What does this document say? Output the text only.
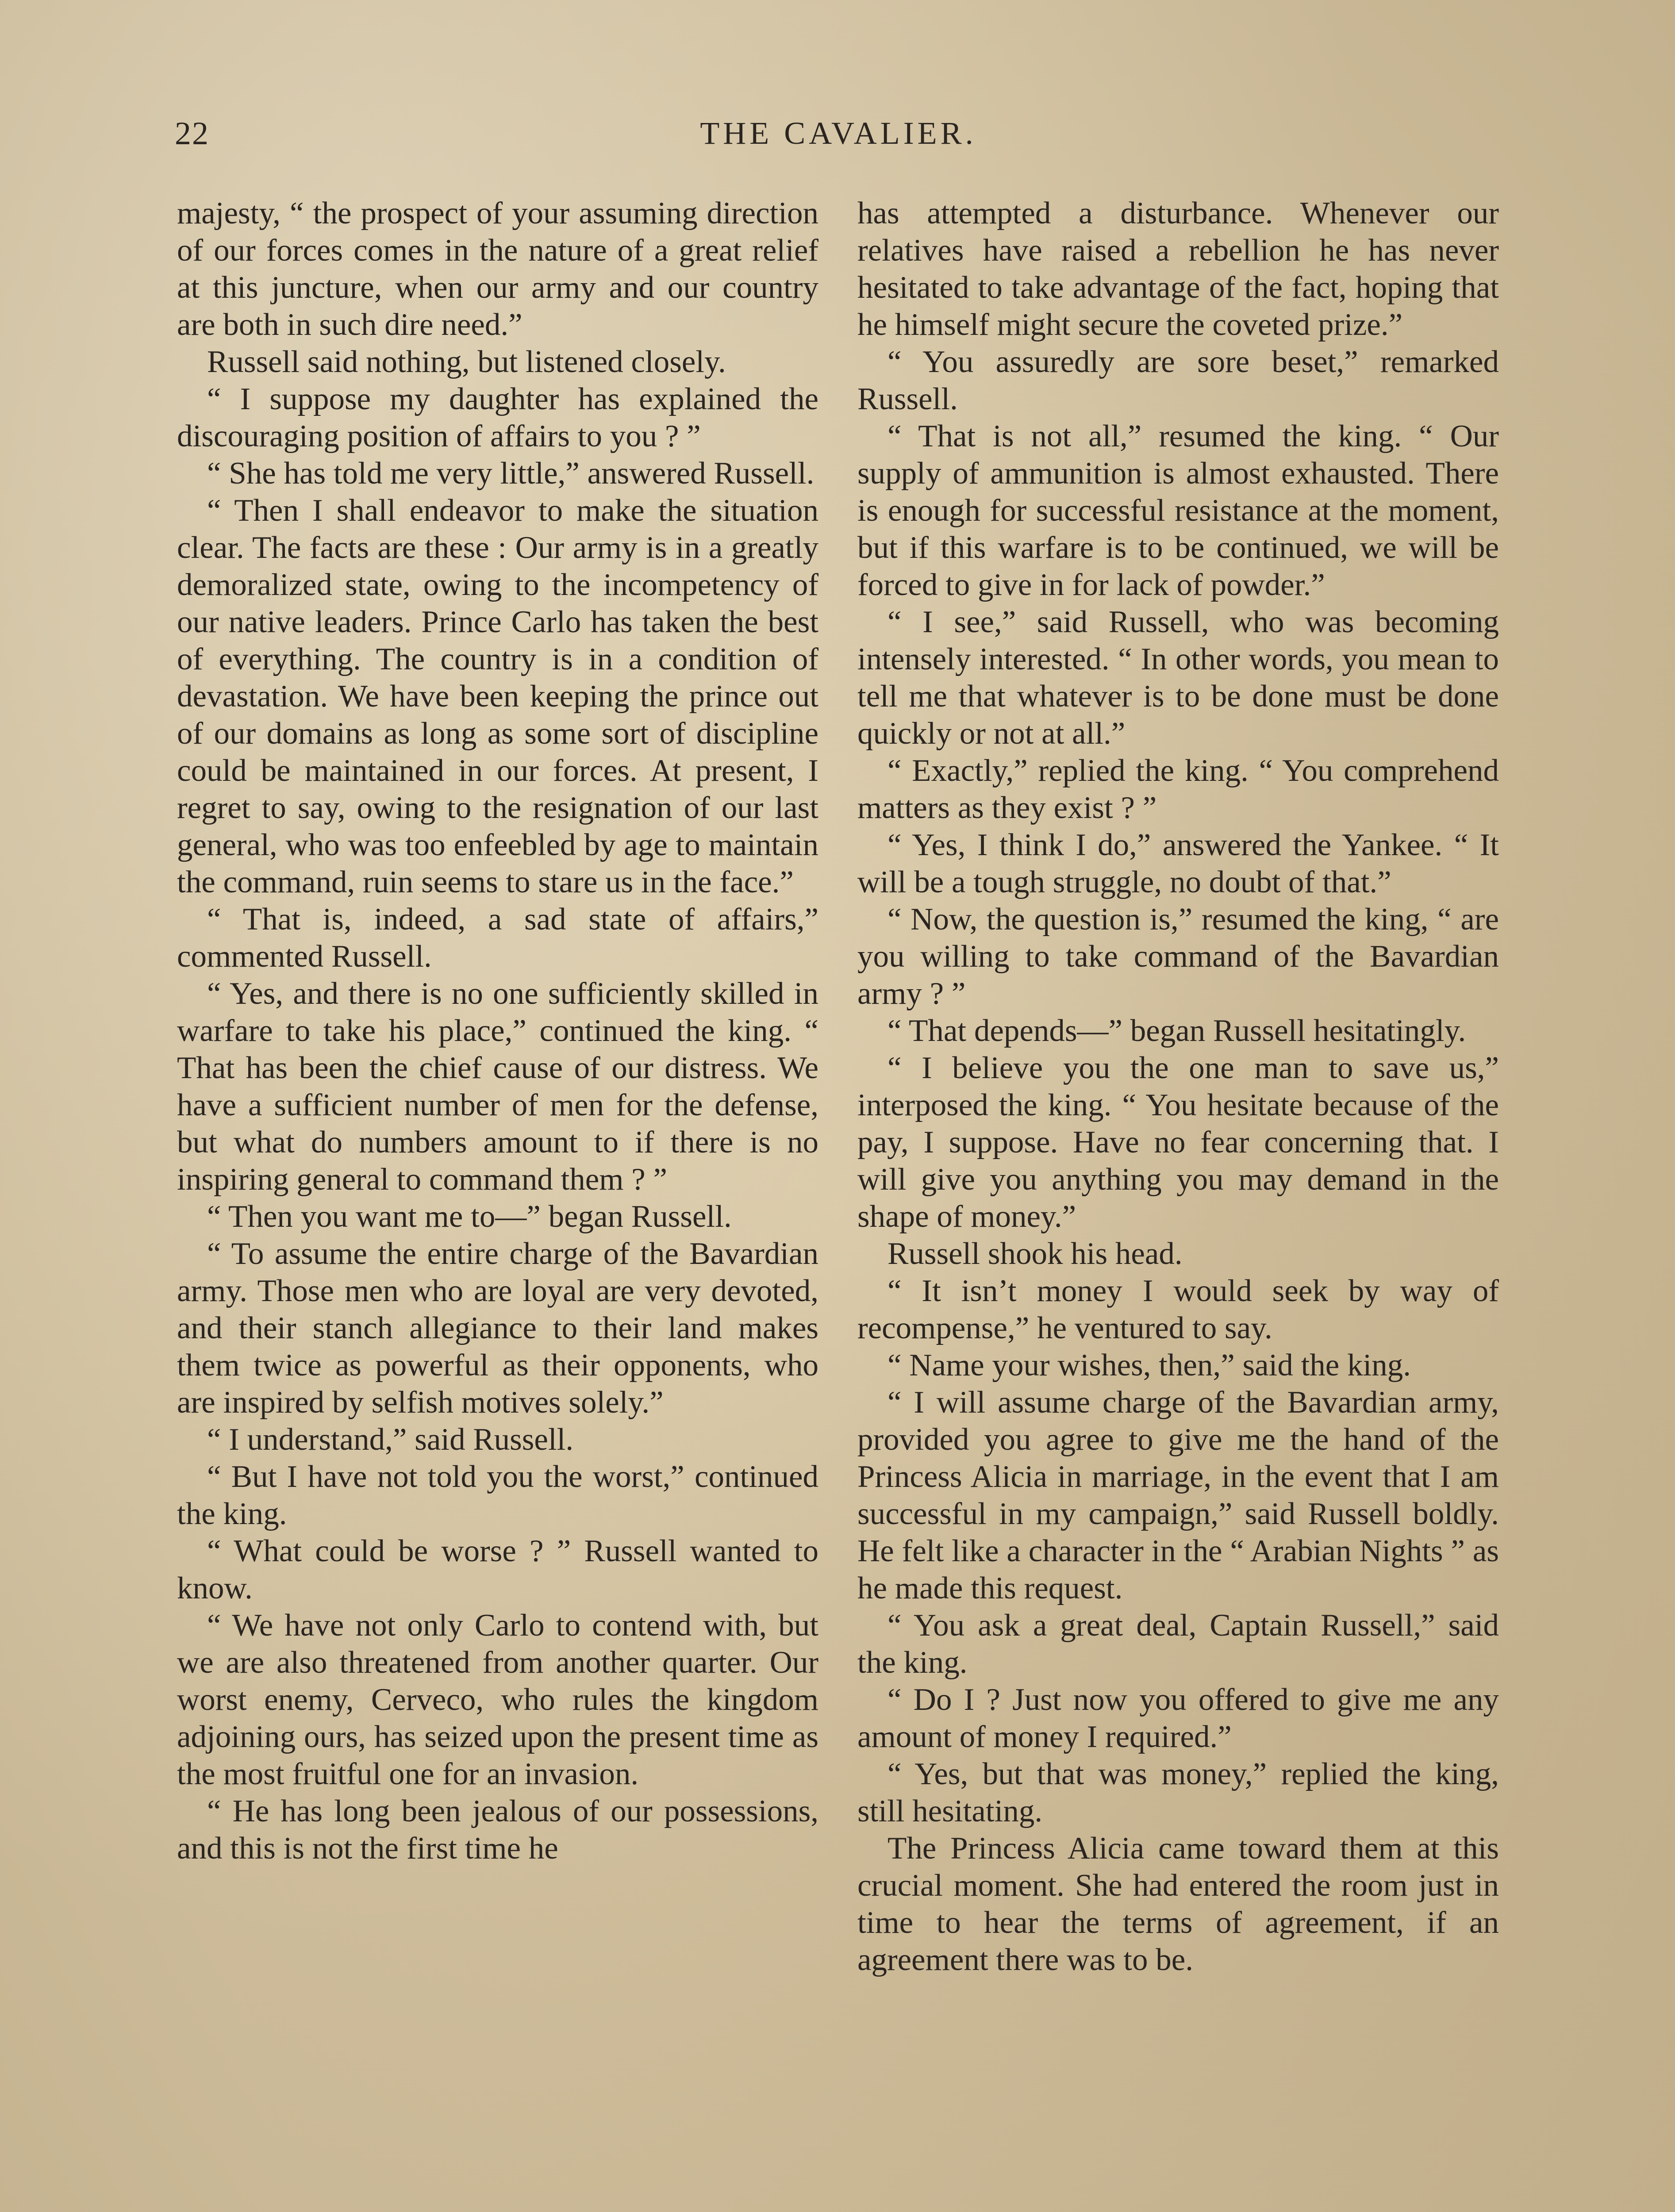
22	THE CAVALIER.

majesty, “ the prospect of your assuming direction of our forces comes in the nature of a great relief at this juncture, when our army and our country are both in such dire need.”

Russell said nothing, but listened closely.

“ I suppose my daughter has explained the discouraging position of affairs to you ? ”

“ She has told me very little,” answered Russell.

“ Then I shall endeavor to make the situation clear. The facts are these : Our army is in a greatly demoralized state, owing to the incompetency of our native leaders. Prince Carlo has taken the best of everything. The country is in a condition of devastation. We have been keeping the prince out of our domains as long as some sort of discipline could be maintained in our forces. At present, I regret to say, owing to the resignation of our last general, who was too enfeebled by age to maintain the command, ruin seems to stare us in the face.”

“ That is, indeed, a sad state of affairs,” commented Russell.

“ Yes, and there is no one sufficiently skilled in warfare to take his place,” continued the king. “ That has been the chief cause of our distress. We have a sufficient number of men for the defense, but what do numbers amount to if there is no inspiring general to command them ? ”

“ Then you want me to—” began Russell.

“ To assume the entire charge of the Bavardian army. Those men who are loyal are very devoted, and their stanch allegiance to their land makes them twice as powerful as their opponents, who are inspired by selfish motives solely.”

“ I understand,” said Russell.

“ But I have not told you the worst,” continued the king.

“ What could be worse ? ” Russell wanted to know.

“ We have not only Carlo to contend with, but we are also threatened from another quarter. Our worst enemy, Cerveco, who rules the kingdom adjoining ours, has seized upon the present time as the most fruitful one for an invasion.

“ He has long been jealous of our possessions, and this is not the first time he

has attempted a disturbance. Whenever our relatives have raised a rebellion he has never hesitated to take advantage of the fact, hoping that he himself might secure the coveted prize.”

“ You assuredly are sore beset,” remarked Russell.

“ That is not all,” resumed the king. “ Our supply of ammunition is almost exhausted. There is enough for successful resistance at the moment, but if this warfare is to be continued, we will be forced to give in for lack of powder.”

“ I see,” said Russell, who was becoming intensely interested. “ In other words, you mean to tell me that whatever is to be done must be done quickly or not at all.”

“ Exactly,” replied the king. “ You comprehend matters as they exist ? ”

“ Yes, I think I do,” answered the Yankee. “ It will be a tough struggle, no doubt of that.”

“ Now, the question is,” resumed the king, “ are you willing to take command of the Bavardian army ? ”

“ That depends—” began Russell hesitatingly.

“ I believe you the one man to save us,” interposed the king. “ You hesitate because of the pay, I suppose. Have no fear concerning that. I will give you anything you may demand in the shape of money.”

Russell shook his head.

“ It isn’t money I would seek by way of recompense,” he ventured to say.

“ Name your wishes, then,” said the king.

“ I will assume charge of the Bavardian army, provided you agree to give me the hand of the Princess Alicia in marriage, in the event that I am successful in my campaign,” said Russell boldly. He felt like a character in the “ Arabian Nights ” as he made this request.

“ You ask a great deal, Captain Russell,” said the king.

“ Do I ? Just now you offered to give me any amount of money I required.”

“ Yes, but that was money,” replied the king, still hesitating.

The Princess Alicia came toward them at this crucial moment. She had entered the room just in time to hear the terms of agreement, if an agreement there was to be.
